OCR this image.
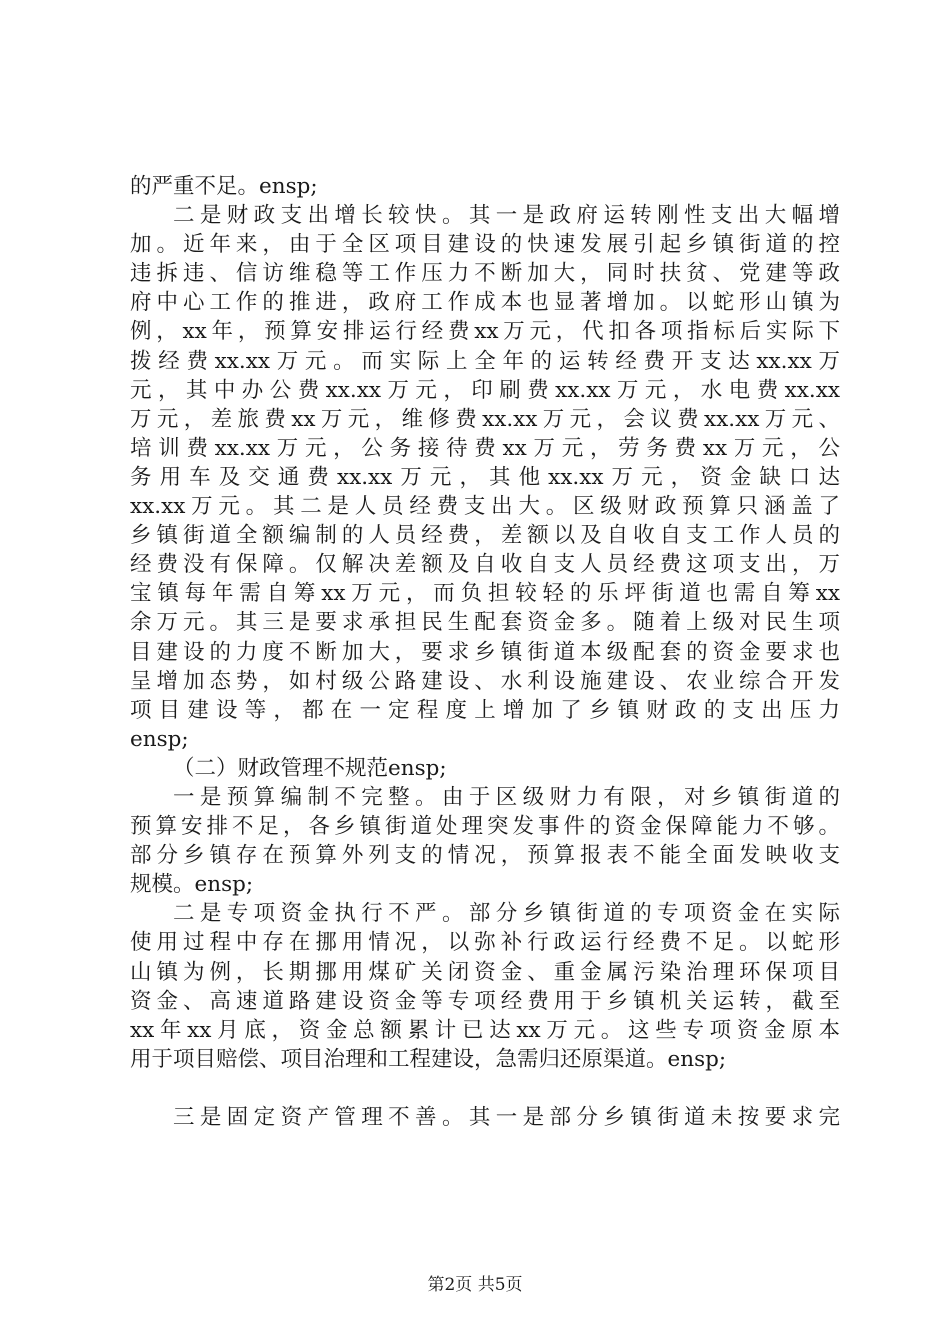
的严重不足。ensp;
二是财政支出增长较快。其一是政府运转刚性支出大幅增
加。近年来，由于全区项目建设的快速发展引起乡镇街道的控
违拆违、信访维稳等工作压力不断加大，同时扶贫、党建等政
府中心工作的推进，政府工作成本也显著增加。以蛇形山镇为
例，xx年，预算安排运行经费xx万元，代扣各项指标后实际下
拨经费xx.xx万元。而实际上全年的运转经费开支达xx.xx万
元，其中办公费xx.xx万元，印刷费xx.xx万元，水电费xx.xx
万元，差旅费xx万元，维修费xx.xx万元，会议费xx.xx万元、
培训费xx.xx万元，公务接待费xx万元，劳务费xx万元，公
务用车及交通费xx.xx万元，其他xx.xx万元，资金缺口达
xx.xx万元。其二是人员经费支出大。区级财政预算只涵盖了
乡镇街道全额编制的人员经费，差额以及自收自支工作人员的
经费没有保障。仅解决差额及自收自支人员经费这项支出，万
宝镇每年需自筹xx万元，而负担较轻的乐坪街道也需自筹xx
余万元。其三是要求承担民生配套资金多。随着上级对民生项
目建设的力度不断加大，要求乡镇街道本级配套的资金要求也
呈增加态势，如村级公路建设、水利设施建设、农业综合开发
项目建设等，都在一定程度上增加了乡镇财政的支出压力
ensp;
（二）财政管理不规范ensp;
一是预算编制不完整。由于区级财力有限，对乡镇街道的
预算安排不足，各乡镇街道处理突发事件的资金保障能力不够。
部分乡镇存在预算外列支的情况，预算报表不能全面发映收支
规模。ensp;
二是专项资金执行不严。部分乡镇街道的专项资金在实际
使用过程中存在挪用情况，以弥补行政运行经费不足。以蛇形
山镇为例，长期挪用煤矿关闭资金、重金属污染治理环保项目
资金、高速道路建设资金等专项经费用于乡镇机关运转，截至
xx年xx月底，资金总额累计已达xx万元。这些专项资金原本
用于项目赔偿、项目治理和工程建设，急需归还原渠道。ensp;
三是固定资产管理不善。其一是部分乡镇街道未按要求完
第2页 共5页
